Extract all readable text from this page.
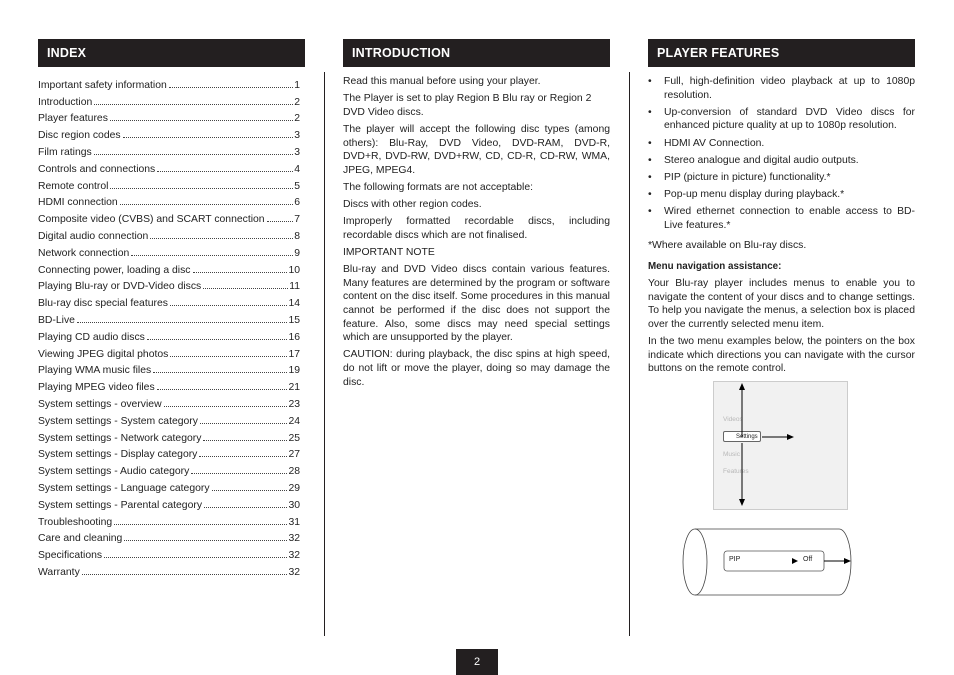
INDEX
Important safety information	1
Introduction	2
Player features	2
Disc region codes	3
Film ratings	3
Controls and connections	4
Remote control	5
HDMI connection	6
Composite video (CVBS) and SCART connection	7
Digital audio connection	8
Network connection	9
Connecting power, loading a disc	10
Playing Blu-ray or DVD-Video discs	11
Blu-ray disc special features	14
BD-Live	15
Playing CD audio discs	16
Viewing JPEG digital photos	17
Playing WMA music files	19
Playing MPEG video files	21
System settings - overview	23
System settings - System category	24
System settings - Network category	25
System settings - Display category	27
System settings - Audio category	28
System settings - Language category	29
System settings - Parental category	30
Troubleshooting	31
Care and cleaning	32
Specifications	32
Warranty	32
INTRODUCTION

Read this manual before using your player.

The Player is set to play Region B Blu ray or Region 2 DVD Video discs.

The player will accept the following disc types (among others): Blu-Ray, DVD Video, DVD-RAM, DVD-R, DVD+R, DVD-RW, DVD+RW, CD, CD-R, CD-RW, WMA, JPEG, MPEG4.

The following formats are not acceptable:

Discs with other region codes.

Improperly formatted recordable discs, including recordable discs which are not finalised.

IMPORTANT NOTE

Blu-ray and DVD Video discs contain various features. Many features are determined by the program or software content on the disc itself. Some procedures in this manual cannot be performed if the disc does not support the feature. Also, some discs may need special settings which are unsupported by the player.

CAUTION: during playback, the disc spins at high speed, do not lift or move the player, doing so may damage the disc.

PLAYER FEATURES
• Full, high-definition video playback at up to 1080p resolution.
• Up-conversion of standard DVD Video discs for enhanced picture quality at up to 1080p resolution.
• HDMI AV Connection.
• Stereo analogue and digital audio outputs.
• PIP (picture in picture) functionality.*
• Pop-up menu display during playback.*
• Wired ethernet connection to enable access to BD-Live features.*

*Where available on Blu-ray discs.

Menu navigation assistance:

Your Blu-ray player includes menus to enable you to navigate the content of your discs and to change settings. To help you navigate the menus, a selection box is placed over the currently selected menu item.

In the two menu examples below, the pointers on the box indicate which directions you can navigate with the cursor buttons on the remote control.

Videos
Settings
Music
Features
PIP	Off
2
